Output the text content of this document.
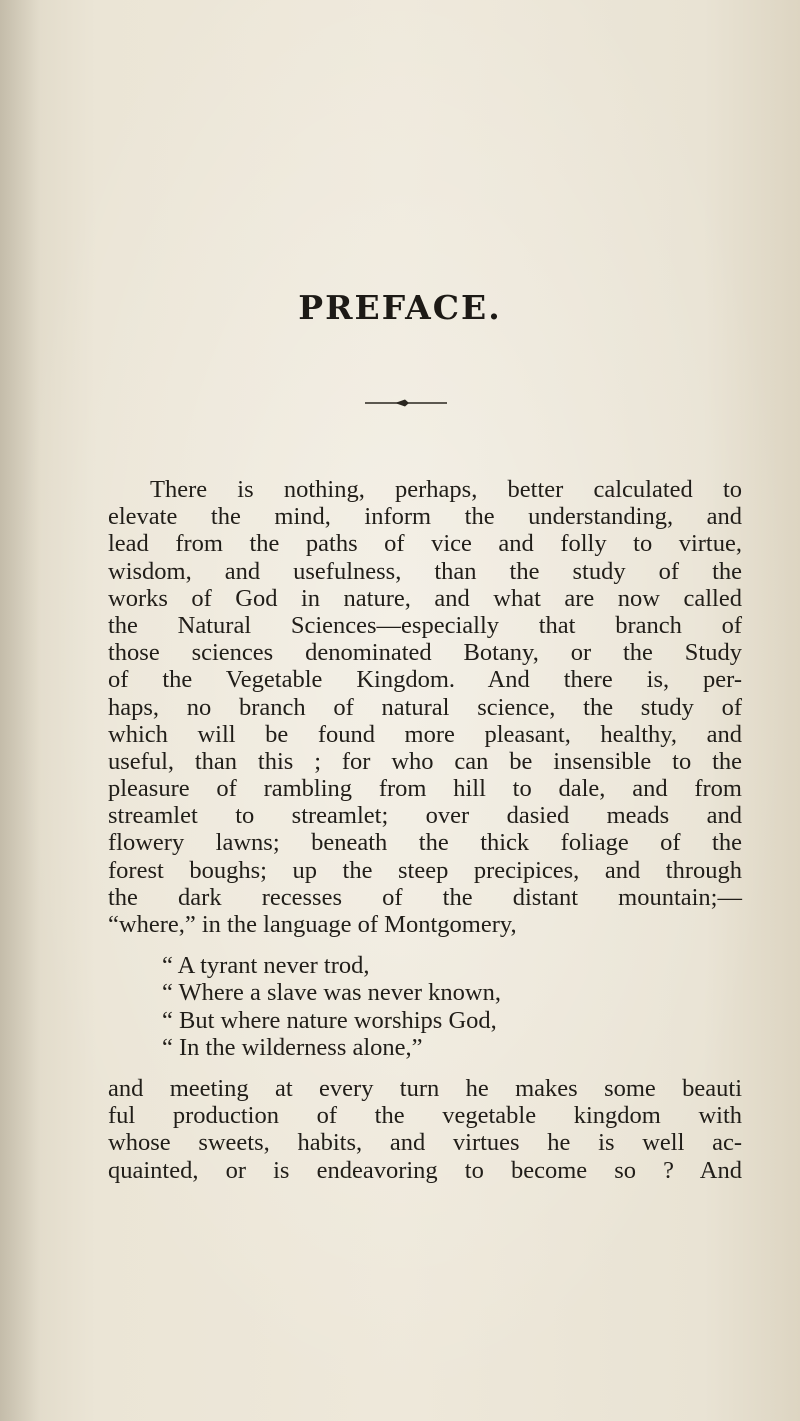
PREFACE.
There is nothing, perhaps, better calculated to
elevate the mind, inform the understanding, and
lead from the paths of vice and folly to virtue,
wisdom, and usefulness, than the study of the
works of God in nature, and what are now called
the Natural Sciences—especially that branch of
those sciences denominated Botany, or the Study
of the Vegetable Kingdom. And there is, per-
haps, no branch of natural science, the study of
which will be found more pleasant, healthy, and
useful, than this ; for who can be insensible to the
pleasure of rambling from hill to dale, and from
streamlet to streamlet; over dasied meads and
flowery lawns; beneath the thick foliage of the
forest boughs; up the steep precipices, and through
the dark recesses of the distant mountain;—
“where,” in the language of Montgomery,
“ A tyrant never trod,
“ Where a slave was never known,
“ But where nature worships God,
“ In the wilderness alone,”
and meeting at every turn he makes some beauti
ful production of the vegetable kingdom with
whose sweets, habits, and virtues he is well ac-
quainted, or is endeavoring to become so ? And
